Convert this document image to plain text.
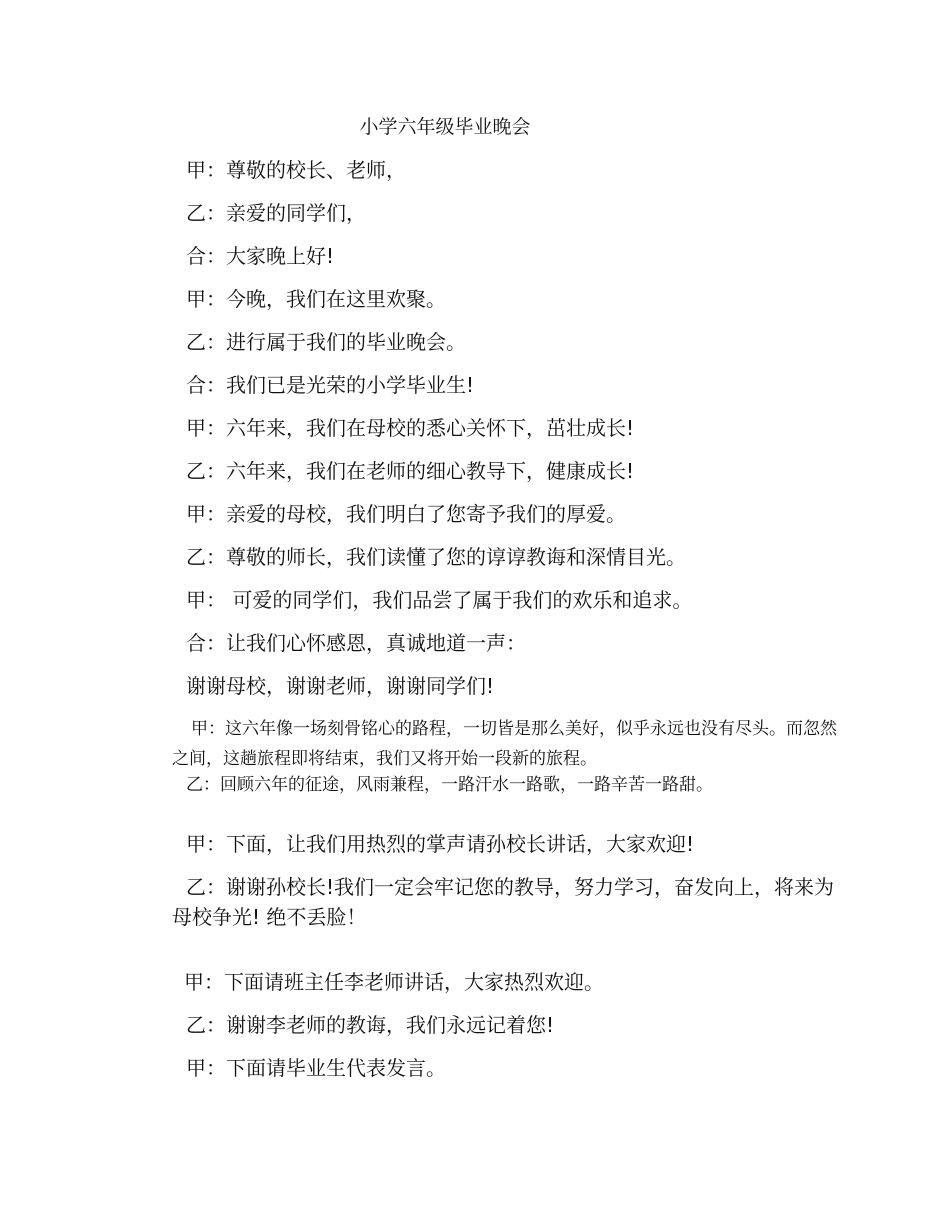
小学六年级毕业晚会
甲：尊敬的校长、老师，
乙：亲爱的同学们，
合：大家晚上好!
甲：今晚，我们在这里欢聚。
乙：进行属于我们的毕业晚会。
合：我们已是光荣的小学毕业生!
甲：六年来，我们在母校的悉心关怀下，茁壮成长!
乙：六年来，我们在老师的细心教导下，健康成长!
甲：亲爱的母校，我们明白了您寄予我们的厚爱。
乙：尊敬的师长，我们读懂了您的谆谆教诲和深情目光。
甲： 可爱的同学们，我们品尝了属于我们的欢乐和追求。
合：让我们心怀感恩，真诚地道一声：
谢谢母校，谢谢老师，谢谢同学们!
甲：这六年像一场刻骨铭心的路程，一切皆是那么美好，似乎永远也没有尽头。而忽然之间，这趟旅程即将结束，我们又将开始一段新的旅程。
乙：回顾六年的征途，风雨兼程，一路汗水一路歌，一路辛苦一路甜。
甲：下面，让我们用热烈的掌声请孙校长讲话，大家欢迎!
乙：谢谢孙校长!我们一定会牢记您的教导，努力学习，奋发向上，将来为母校争光! 绝不丢脸！
甲：下面请班主任李老师讲话，大家热烈欢迎。
乙：谢谢李老师的教诲，我们永远记着您!
甲：下面请毕业生代表发言。
